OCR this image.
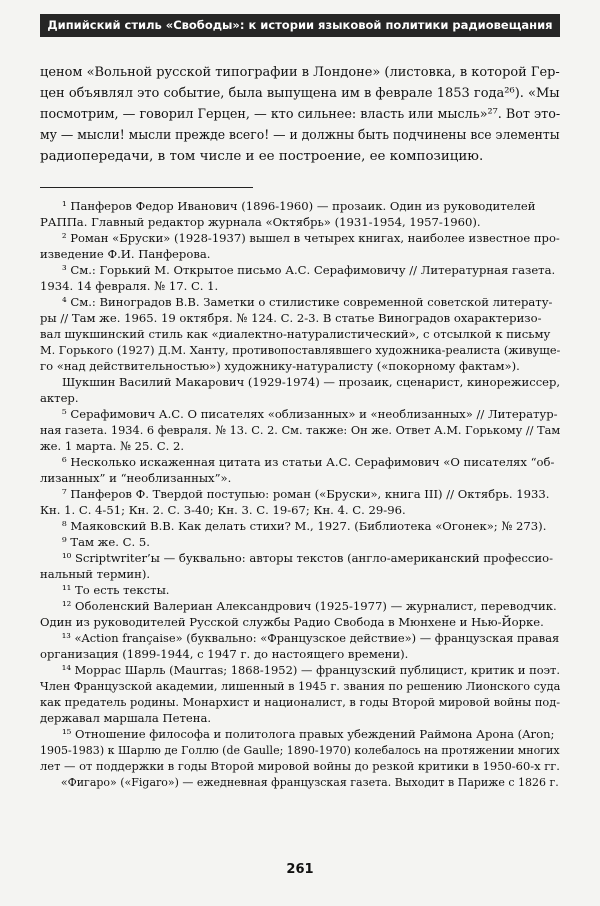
Дипийский стиль «Свободы»: к истории языковой политики радиовещания
ценом «Вольной русской типографии в Лондоне» (листовка, в которой Гер-
цен объявлял это событие, была выпущена им в феврале 1853 года²⁶). «Мы
посмотрим, — говорил Герцен, — кто сильнее: власть или мысль»²⁷. Вот это-
му — мысли! мысли прежде всего! — и должны быть подчинены все элементы
радиопередачи, в том числе и ее построение, ее композицию.
¹ Панферов Федор Иванович (1896-1960) — прозаик. Один из руководителей
РАППа. Главный редактор журнала «Октябрь» (1931-1954, 1957-1960).
² Роман «Бруски» (1928-1937) вышел в четырех книгах, наиболее известное про-
изведение Ф.И. Панферова.
³ См.: Горький М. Открытое письмо А.С. Серафимовичу // Литературная газета.
1934. 14 февраля. № 17. С. 1.
⁴ См.: Виноградов В.В. Заметки о стилистике современной советской литерату-
ры // Там же. 1965. 19 октября. № 124. С. 2-3. В статье Виноградов охарактеризо-
вал шукшинский стиль как «диалектно-натуралистический», с отсылкой к письму
М. Горького (1927) Д.М. Ханту, противопоставлявшего художника-реалиста (живуще-
го «над действительностью») художнику-натуралисту («покорному фактам»).
Шукшин Василий Макарович (1929-1974) — прозаик, сценарист, кинорежиссер,
актер.
⁵ Серафимович А.С. О писателях «облизанных» и «необлизанных» // Литератур-
ная газета. 1934. 6 февраля. № 13. С. 2. См. также: Он же. Ответ А.М. Горькому // Там
же. 1 марта. № 25. С. 2.
⁶ Несколько искаженная цитата из статьи А.С. Серафимович «О писателях “об-
лизанных” и “необлизанных”».
⁷ Панферов Ф. Твердой поступью: роман («Бруски», книга III) // Октябрь. 1933.
Кн. 1. С. 4-51; Кн. 2. С. 3-40; Кн. 3. С. 19-67; Кн. 4. С. 29-96.
⁸ Маяковский В.В. Как делать стихи? М., 1927. (Библиотека «Огонек»; № 273).
⁹ Там же. С. 5.
¹⁰ Scriptwriter’ы — буквально: авторы текстов (англо-американский профессио-
нальный термин).
¹¹ То есть тексты.
¹² Оболенский Валериан Александрович (1925-1977) — журналист, переводчик.
Один из руководителей Русской службы Радио Свобода в Мюнхене и Нью-Йорке.
¹³ «Action française» (буквально: «Французское действие») — французская правая
организация (1899-1944, с 1947 г. до настоящего времени).
¹⁴ Моррас Шарль (Maurras; 1868-1952) — французский публицист, критик и поэт.
Член Французской академии, лишенный в 1945 г. звания по решению Лионского суда
как предатель родины. Монархист и националист, в годы Второй мировой войны под-
державал маршала Петена.
¹⁵ Отношение философа и политолога правых убеждений Раймона Арона (Aron;
1905-1983) к Шарлю де Голлю (de Gaulle; 1890-1970) колебалось на протяжении многих
лет — от поддержки в годы Второй мировой войны до резкой критики в 1950-60-х гг.
«Фигаро» («Figaro») — ежедневная французская газета. Выходит в Париже с 1826 г.
261
